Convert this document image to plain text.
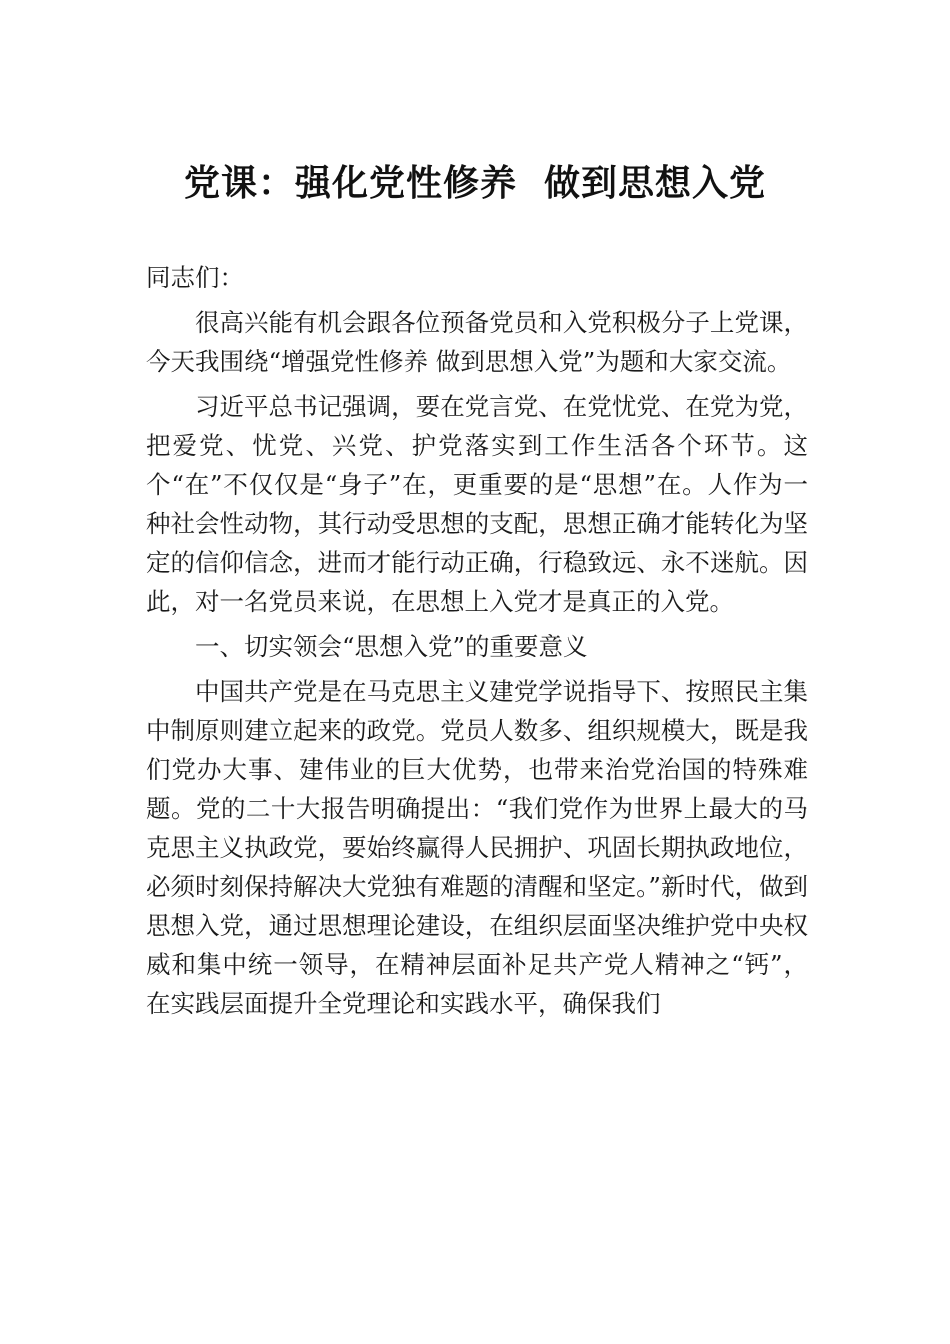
党课：强化党性修养  做到思想入党

同志们：

很高兴能有机会跟各位预备党员和入党积极分子上党课，今天我围绕“增强党性修养 做到思想入党”为题和大家交流。

习近平总书记强调，要在党言党、在党忧党、在党为党，把爱党、忧党、兴党、护党落实到工作生活各个环节。这个“在”不仅仅是“身子”在，更重要的是“思想”在。人作为一种社会性动物，其行动受思想的支配，思想正确才能转化为坚定的信仰信念，进而才能行动正确，行稳致远、永不迷航。因此，对一名党员来说，在思想上入党才是真正的入党。

一、切实领会“思想入党”的重要意义

中国共产党是在马克思主义建党学说指导下、按照民主集中制原则建立起来的政党。党员人数多、组织规模大，既是我们党办大事、建伟业的巨大优势，也带来治党治国的特殊难题。党的二十大报告明确提出：“我们党作为世界上最大的马克思主义执政党，要始终赢得人民拥护、巩固长期执政地位，必须时刻保持解决大党独有难题的清醒和坚定。”新时代，做到思想入党，通过思想理论建设，在组织层面坚决维护党中央权威和集中统一领导，在精神层面补足共产党人精神之“钙”，在实践层面提升全党理论和实践水平，确保我们
